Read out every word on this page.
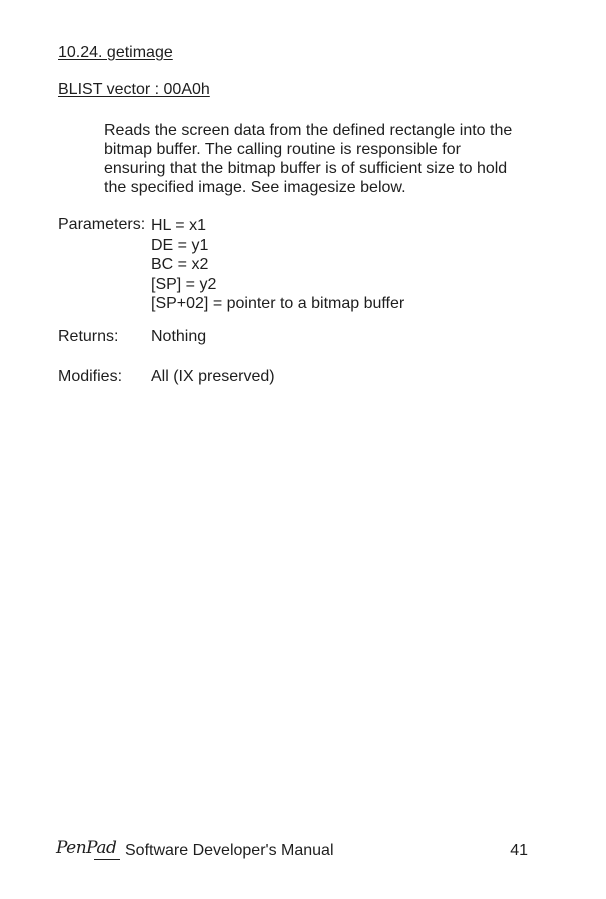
10.24. getimage
BLIST vector : 00A0h

Reads the screen data from the defined rectangle into the
bitmap buffer. The calling routine is responsible for
ensuring that the bitmap buffer is of sufficient size to hold
the specified image. See imagesize below.

Parameters: HL = x1
DE = y1
BC = x2
[SP] = y2
[SP+02] = pointer to a bitmap buffer
Returns: Nothing
Modifies: All (IX preserved)
PenPad Software Developer's Manual	41
